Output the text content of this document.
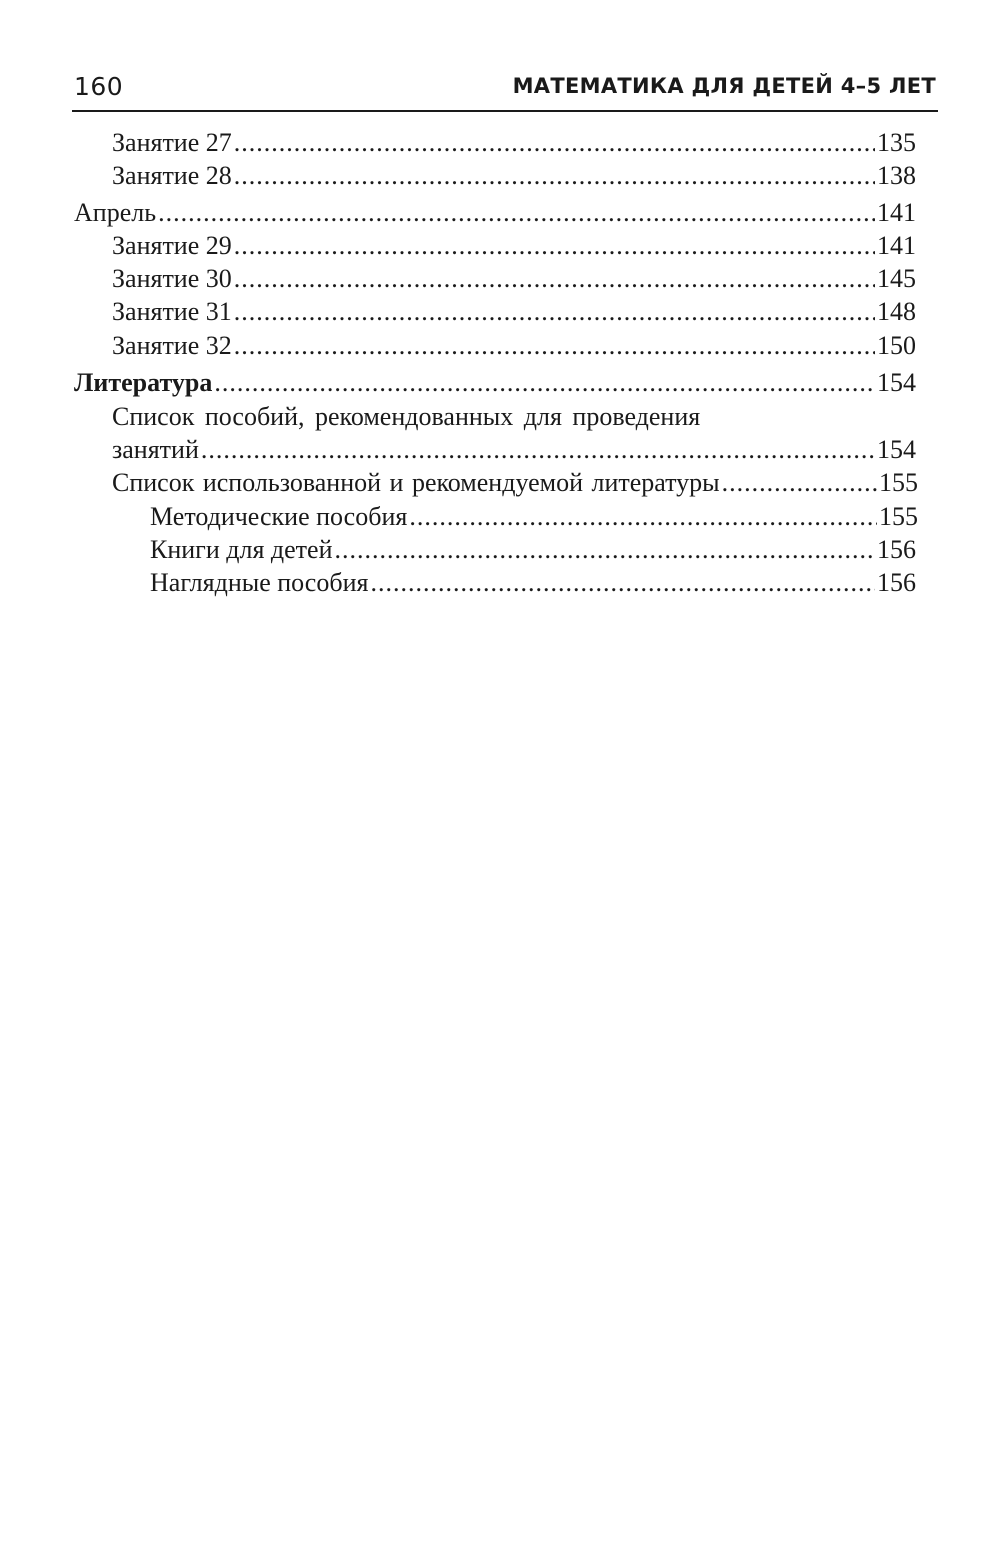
160	МАТЕМАТИКА ДЛЯ ДЕТЕЙ 4–5 ЛЕТ
Занятие 27 .....	135
Занятие 28 .....	138
Апрель .....	141
Занятие 29 .....	141
Занятие 30 .....	145
Занятие 31 .....	148
Занятие 32 .....	150
Литература .....	154
Список пособий, рекомендованных для проведения
занятий .....	154
Список использованной и рекомендуемой литературы .....	155
Методические пособия .....	155
Книги для детей .....	156
Наглядные пособия .....	156
